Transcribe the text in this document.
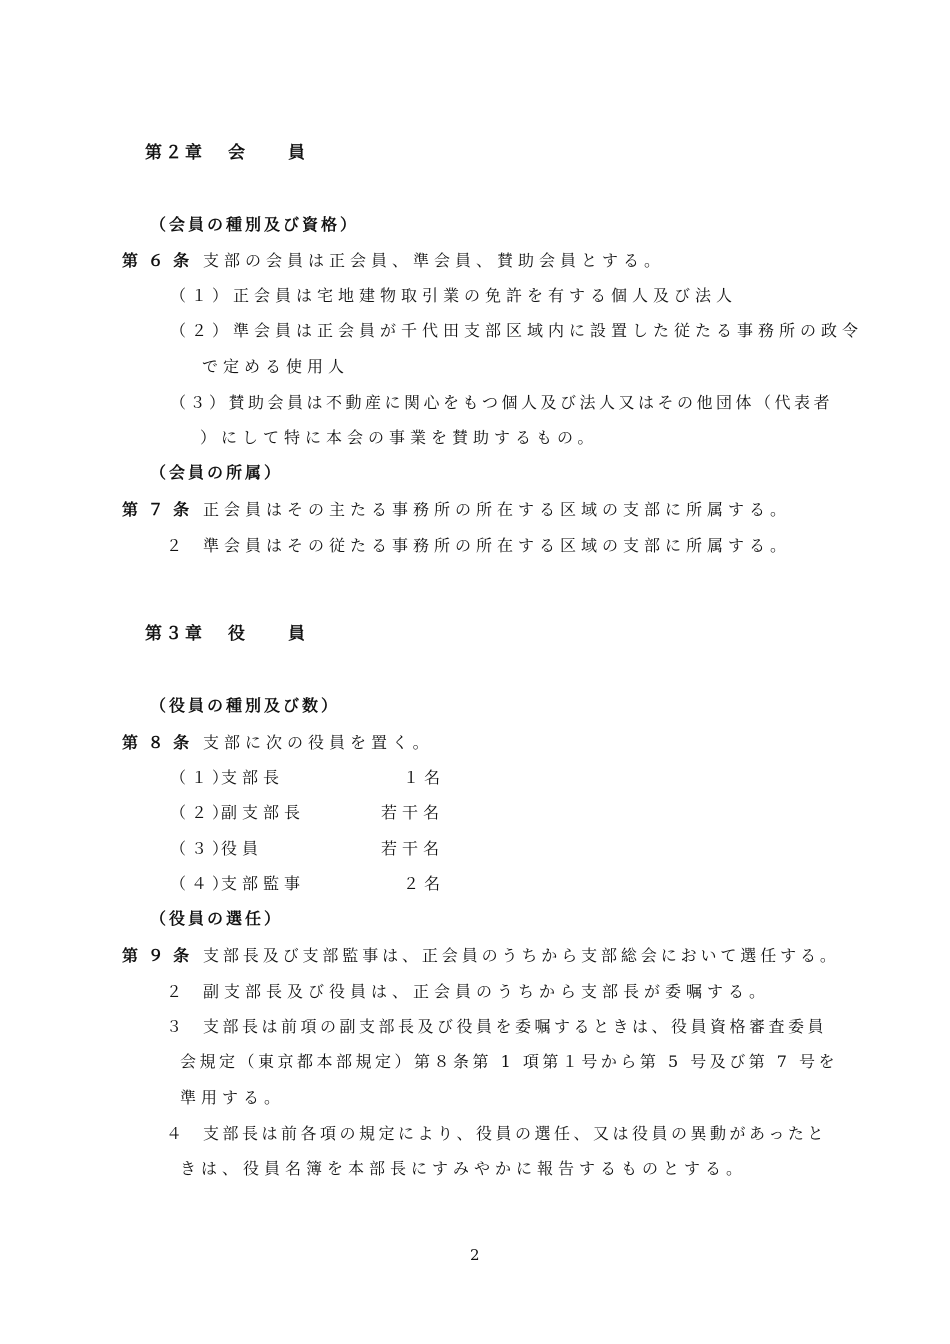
第２章 会　　員
（会員の種別及び資格）
第 ６ 条 支部の会員は正会員、準会員、賛助会員とする。
（１）正会員は宅地建物取引業の免許を有する個人及び法人
（２）準会員は正会員が千代田支部区域内に設置した従たる事務所の政令
で定める使用人
（３）賛助会員は不動産に関心をもつ個人及び法人又はその他団体（代表者
）にして特に本会の事業を賛助するもの。
（会員の所属）
第 ７ 条 正会員はその主たる事務所の所在する区域の支部に所属する。
２ 準会員はその従たる事務所の所在する区域の支部に所属する。
第３章 役　　員
（役員の種別及び数）
第 ８ 条 支部に次の役員を置く。
（１）
支部長	１名
（２）
副支部長	若干名
（３）
役員	若干名
（４）
支部監事	２名
（役員の選任）
第 ９ 条 支部長及び支部監事は、正会員のうちから支部総会において選任する。
２ 副支部長及び役員は、正会員のうちから支部長が委嘱する。
３ 支部長は前項の副支部長及び役員を委嘱するときは、役員資格審査委員
会規定（東京都本部規定）第８条第 1 項第１号から第 5 号及び第 7 号を
準用する。
４ 支部長は前各項の規定により、役員の選任、又は役員の異動があったと
きは、役員名簿を本部長にすみやかに報告するものとする。
2
